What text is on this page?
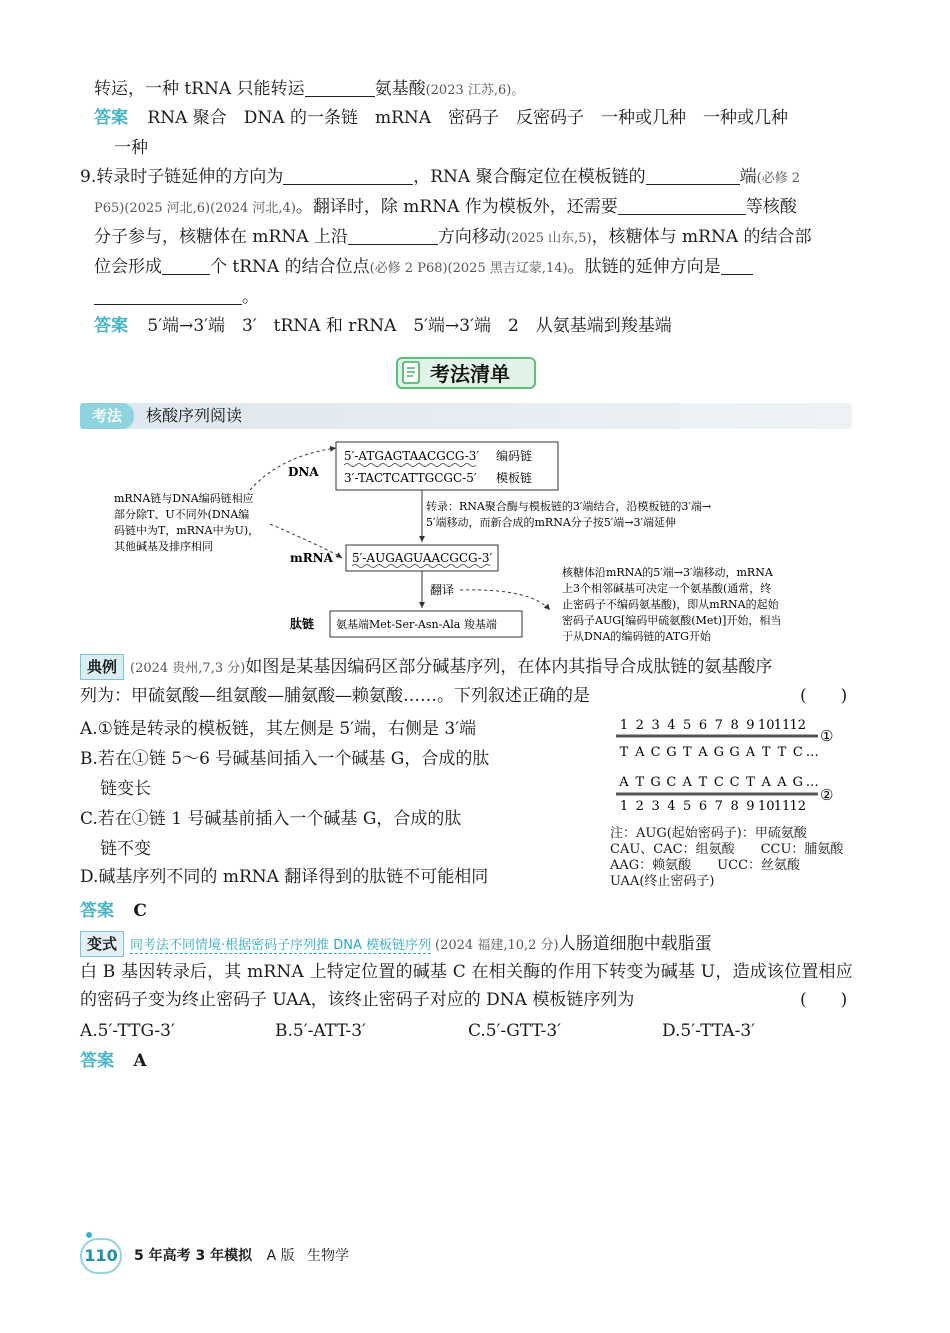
转运，一种 tRNA 只能转运	氨基酸(2023 江苏,6)。
答案 RNA 聚合　DNA 的一条链　mRNA　密码子　反密码子　一种或几种　一种或几种
一种
9.转录时子链延伸的方向为	，RNA 聚合酶定位在模板链的	端(必修 2
P65)(2025 河北,6)(2024 河北,4)。翻译时，除 mRNA 作为模板外，还需要	等核酸
分子参与，核糖体在 mRNA 上沿	方向移动(2025 山东,5)，核糖体与 mRNA 的结合部
位会形成	个 tRNA 的结合位点(必修 2 P68)(2025 黑吉辽蒙,14)。肽链的延伸方向是
。
答案 5′端→3′端　3′　tRNA 和 rRNA　5′端→3′端　2　从氨基端到羧基端
考法清单
考法	核酸序列阅读
DNA
5′-ATGAGTAACGCG-3′ 编码链
3′-TACTCATTGCGC-5′ 模板链
mRNA链与DNA编码链相应
部分除T、U不同外(DNA编
码链中为T，mRNA中为U)，
其他碱基及排序相同
转录：RNA聚合酶与模板链的3′端结合，沿模板链的3′端→
5′端移动，而新合成的mRNA分子按5′端→3′端延伸
mRNA 5′-AUGAGUAACGCG-3′
翻译
核糖体沿mRNA的5′端→3′端移动，mRNA
上3个相邻碱基可决定一个氨基酸(通常，终
止密码子不编码氨基酸)，即从mRNA的起始
密码子AUG[编码甲硫氨酸(Met)]开始，相当
于从DNA的编码链的ATG开始
肽链 氨基端Met-Ser-Asn-Ala 羧基端
典例 (2024 贵州,7,3 分)如图是某基因编码区部分碱基序列，在体内其指导合成肽链的氨基酸序
列为：甲硫氨酸—组氨酸—脯氨酸—赖氨酸……。下列叙述正确的是	(　　)
A.①链是转录的模板链，其左侧是 5′端，右侧是 3′端
B.若在①链 5～6 号碱基间插入一个碱基 G，合成的肽
链变长
C.若在①链 1 号碱基前插入一个碱基 G，合成的肽
链不变
D.碱基序列不同的 mRNA 翻译得到的肽链不可能相同
1 2 3 4 5 6 7 8 9 10 11 12
①
T A C G T A G G A T T C …
A T G C A T C C T A A G …
②
1 2 3 4 5 6 7 8 9 10 11 12
注：AUG(起始密码子)：甲硫氨酸
CAU、CAC：组氨酸　　CCU：脯氨酸
AAG：赖氨酸　　UCC：丝氨酸
UAA(终止密码子)
答案 C
变式 同考法不同情境·根据密码子序列推 DNA 模板链序列 (2024 福建,10,2 分)人肠道细胞中载脂蛋
白 B 基因转录后，其 mRNA 上特定位置的碱基 C 在相关酶的作用下转变为碱基 U，造成该位置相应
的密码子变为终止密码子 UAA，该终止密码子对应的 DNA 模板链序列为	(　　)
A.5′-TTG-3′	B.5′-ATT-3′	C.5′-GTT-3′	D.5′-TTA-3′
答案 A
110	5 年高考 3 年模拟 A 版 生物学
